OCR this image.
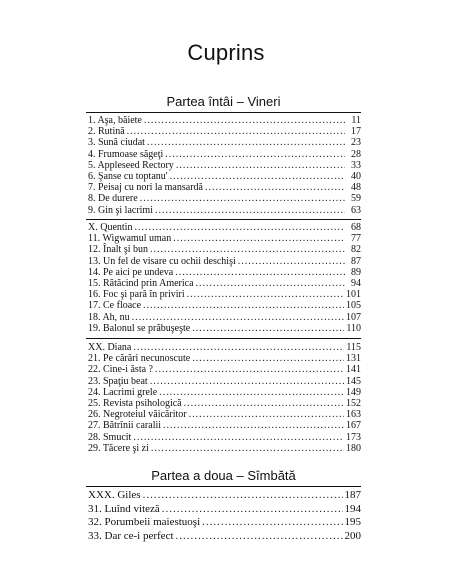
Cuprins
Partea întâi – Vineri
1. Aşa, băiete .....	11
2. Rutină .....	17
3. Sună ciudat .....	23
4. Frumoase săgeţi .....	28
5. Appleseed Rectory .....	33
6. Şanse cu toptanu' .....	40
7. Peisaj cu nori la mansardă .....	48
8. De durere .....	59
9. Gin şi lacrimi .....	63
X. Quentin .....	68
11. Wigwamul uman .....	77
12. Înalt şi bun .....	82
13. Un fel de visare cu ochii deschişi .....	87
14. Pe aici pe undeva .....	89
15. Rătăcind prin America .....	94
16. Foc şi pară în priviri .....	101
17. Ce floace .....	105
18. Ah, nu .....	107
19. Balonul se prăbuşeşte .....	110
XX. Diana .....	115
21. Pe cărări necunoscute .....	131
22. Cine-i ăsta ? .....	141
23. Spaţiu beat .....	145
24. Lacrimi grele .....	149
25. Revista psihologică .....	152
26. Negroteiul văicăritor .....	163
27. Bătrînii caralii .....	167
28. Smucit .....	173
29. Tăcere şi zi .....	180
Partea a doua – Sîmbătă
XXX. Giles .....	187
31. Luînd viteză .....	194
32. Porumbeii maiestuoşi .....	195
33. Dar ce-i perfect .....	200
